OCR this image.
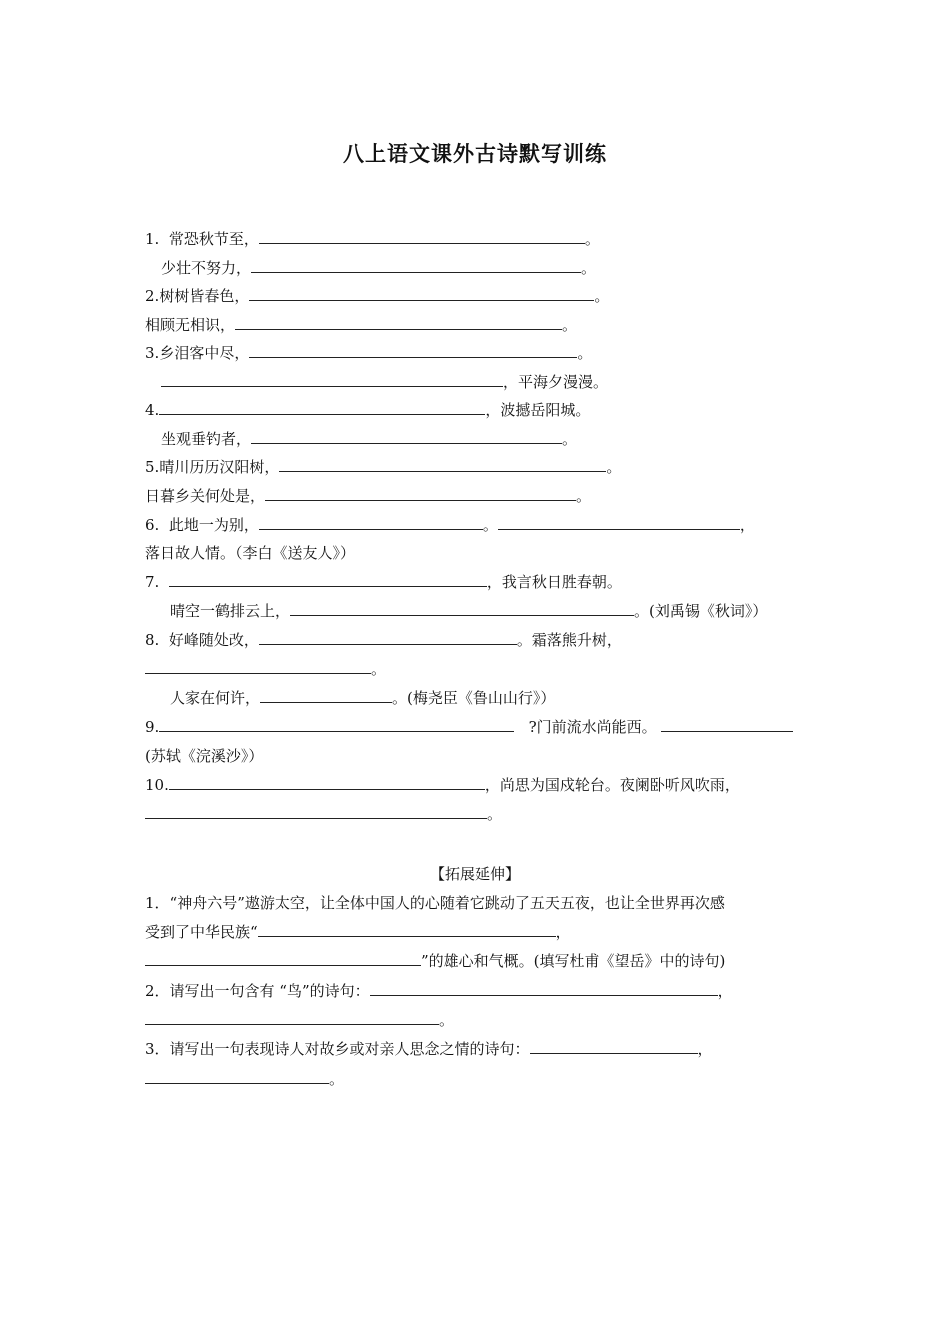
八上语文课外古诗默写训练
1. 常恐秋节至，	。
少壮不努力，	。
2.树树皆春色，	。
相顾无相识，	。
3.乡泪客中尽，	。
，平海夕漫漫。
4.	，波撼岳阳城。
坐观垂钓者，	。
5.晴川历历汉阳树，	。
日暮乡关何处是，	。
6. 此地一为别，	。	，
落日故人情。（李白《送友人》）
7.	，我言秋日胜春朝。
晴空一鹤排云上，	。(刘禹锡《秋词》）
8. 好峰随处改，	。霜落熊升树，
。
人家在何许，	。(梅尧臣《鲁山山行》）
9.	?门前流水尚能西。
(苏轼《浣溪沙》）
10.	，尚思为国戍轮台。夜阑卧听风吹雨，
。
【拓展延伸】
1．“神舟六号”遨游太空，让全体中国人的心随着它跳动了五天五夜，也让全世界再次感
受到了中华民族“	，
”的雄心和气概。(填写杜甫《望岳》中的诗句)
2．请写出一句含有 “鸟”的诗句：	，
。
3．请写出一句表现诗人对故乡或对亲人思念之情的诗句：	，
。
